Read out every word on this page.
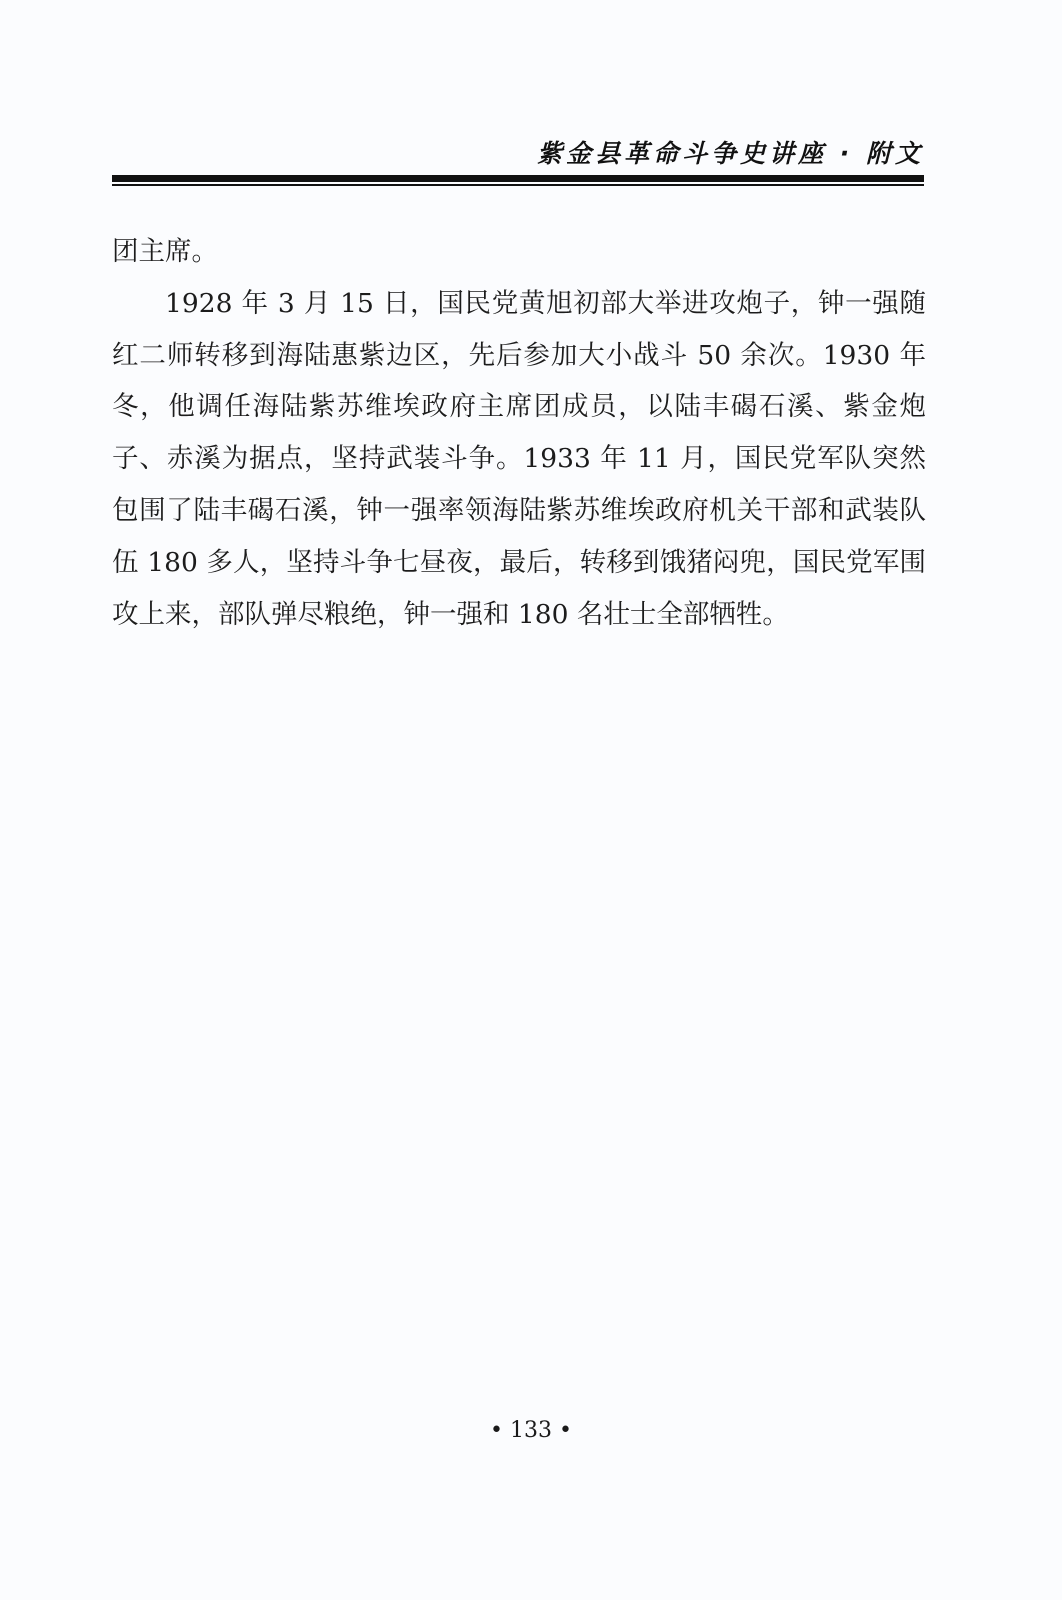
紫金县革命斗争史讲座 · 附文

团主席。

1928 年 3 月 15 日，国民党黄旭初部大举进攻炮子，钟一强随红二师转移到海陆惠紫边区，先后参加大小战斗 50 余次。1930 年冬，他调任海陆紫苏维埃政府主席团成员，以陆丰碣石溪、紫金炮子、赤溪为据点，坚持武装斗争。1933 年 11 月，国民党军队突然包围了陆丰碣石溪，钟一强率领海陆紫苏维埃政府机关干部和武装队伍 180 多人，坚持斗争七昼夜，最后，转移到饿猪闷兜，国民党军围攻上来，部队弹尽粮绝，钟一强和 180 名壮士全部牺牲。

• 133 •
